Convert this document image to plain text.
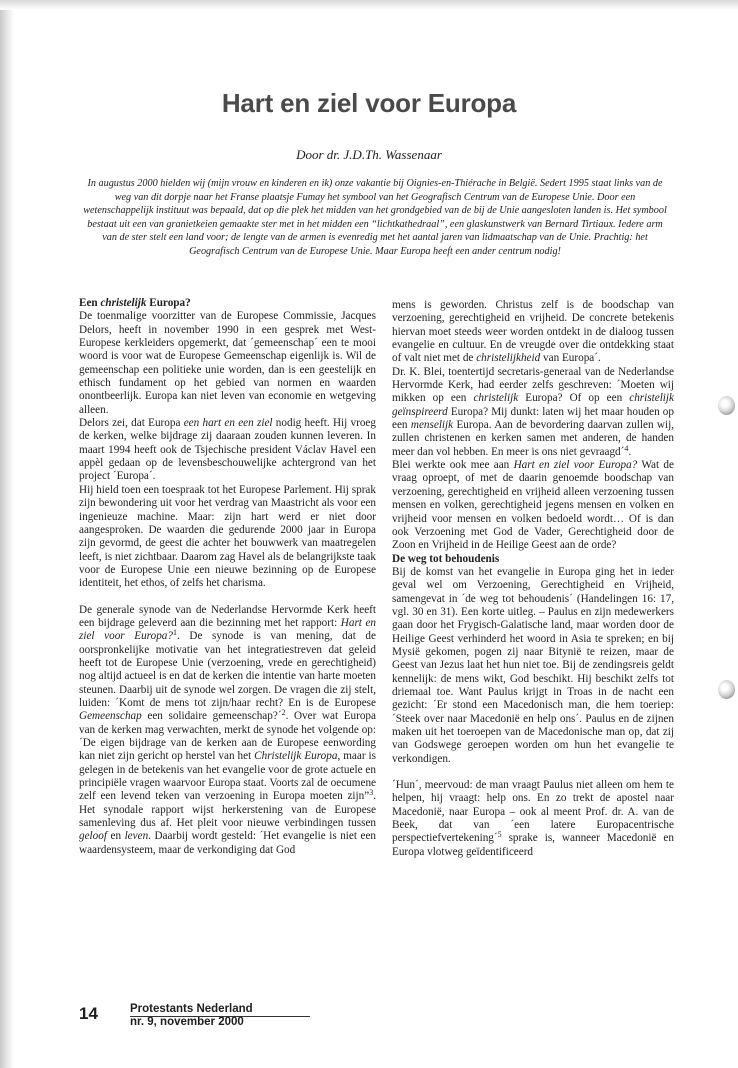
Hart en ziel voor Europa
Door dr. J.D.Th. Wassenaar
In augustus 2000 hielden wij (mijn vrouw en kinderen en ik) onze vakantie bij Oignies-en-Thiérache in België. Sedert 1995 staat links van de weg van dit dorpje naar het Franse plaatsje Fumay het symbool van het Geografisch Centrum van de Europese Unie. Door een wetenschappelijk instituut was bepaald, dat op die plek het midden van het grondgebied van de bij de Unie aangesloten landen is. Het symbool bestaat uit een van granietkeien gemaakte ster met in het midden een “lichtkathedraal”, een glaskunstwerk van Bernard Tirtiaux. Iedere arm van de ster stelt een land voor; de lengte van de armen is evenredig met het aantal jaren van lidmaatschap van de Unie. Prachtig: het Geografisch Centrum van de Europese Unie. Maar Europa heeft een ander centrum nodig!

Een christelijk Europa?

De toenmalige voorzitter van de Europese Commissie, Jacques Delors, heeft in november 1990 in een gesprek met West-Europese kerkleiders opgemerkt, dat ´gemeenschap´ een te mooi woord is voor wat de Europese Gemeenschap eigenlijk is. Wil de gemeenschap een politieke unie worden, dan is een geestelijk en ethisch fundament op het gebied van normen en waarden onontbeerlijk. Europa kan niet leven van economie en wetgeving alleen.

Delors zei, dat Europa een hart en een ziel nodig heeft. Hij vroeg de kerken, welke bijdrage zij daaraan zouden kunnen leveren. In maart 1994 heeft ook de Tsjechische president Václav Havel een appèl gedaan op de levensbeschouwelijke achtergrond van het project ´Europa´.

Hij hield toen een toespraak tot het Europese Parlement. Hij sprak zijn bewondering uit voor het verdrag van Maastricht als voor een ingenieuze machine. Maar: zijn hart werd er niet door aangesproken. De waarden die gedurende 2000 jaar in Europa zijn gevormd, de geest die achter het bouwwerk van maatregelen leeft, is niet zichtbaar. Daarom zag Havel als de belangrijkste taak voor de Europese Unie een nieuwe bezinning op de Europese identiteit, het ethos, of zelfs het charisma.

De generale synode van de Nederlandse Hervormde Kerk heeft een bijdrage geleverd aan die bezinning met het rapport: Hart en ziel voor Europa?$^1$. De synode is van mening, dat de oorspronkelijke motivatie van het integratiestreven dat geleid heeft tot de Europese Unie (verzoening, vrede en gerechtigheid) nog altijd actueel is en dat de kerken die intentie van harte moeten steunen. Daarbij uit de synode wel zorgen. De vragen die zij stelt, luiden: ´Komt de mens tot zijn/haar recht? En is de Europese Gemeenschap een solidaire gemeenschap?´$^2$. Over wat Europa van de kerken mag verwachten, merkt de synode het volgende op: ´De eigen bijdrage van de kerken aan de Europese eenwording kan niet zijn gericht op herstel van het Christelijk Europa, maar is gelegen in de betekenis van het evangelie voor de grote actuele en principiële vragen waarvoor Europa staat. Voorts zal de oecumene zelf een levend teken van verzoening in Europa moeten zijn”$^3$. Het synodale rapport wijst herkerstening van de Europese samenleving dus af. Het pleit voor nieuwe verbindingen tussen geloof en leven. Daarbij wordt gesteld: ´Het evangelie is niet een waardensysteem, maar de verkondiging dat God

mens is geworden. Christus zelf is de boodschap van verzoening, gerechtigheid en vrijheid. De concrete betekenis hiervan moet steeds weer worden ontdekt in de dialoog tussen evangelie en cultuur. En de vreugde over die ontdekking staat of valt niet met de christelijkheid van Europa´.

Dr. K. Blei, toentertijd secretaris-generaal van de Nederlandse Hervormde Kerk, had eerder zelfs geschreven: ´Moeten wij mikken op een christelijk Europa? Of op een christelijk geïnspireerd Europa? Mij dunkt: laten wij het maar houden op een menselijk Europa. Aan de bevordering daarvan zullen wij, zullen christenen en kerken samen met anderen, de handen meer dan vol hebben. En meer is ons niet gevraagd´$^4$.

Blei werkte ook mee aan Hart en ziel voor Europa? Wat de vraag oproept, of met de daarin genoemde boodschap van verzoening, gerechtigheid en vrijheid alleen verzoening tussen mensen en volken, gerechtigheid jegens mensen en volken en vrijheid voor mensen en volken bedoeld wordt… Of is dan ook Verzoening met God de Vader, Gerechtigheid door de Zoon en Vrijheid in de Heilige Geest aan de orde?

De weg tot behoudenis

Bij de komst van het evangelie in Europa ging het in ieder geval wel om Verzoening, Gerechtigheid en Vrijheid, samengevat in ´de weg tot behoudenis´ (Handelingen 16: 17, vgl. 30 en 31). Een korte uitleg. – Paulus en zijn medewerkers gaan door het Frygisch-Galatische land, maar worden door de Heilige Geest verhinderd het woord in Asia te spreken; en bij Mysië gekomen, pogen zij naar Bitynië te reizen, maar de Geest van Jezus laat het hun niet toe. Bij de zendingsreis geldt kennelijk: de mens wikt, God beschikt. Hij beschikt zelfs tot driemaal toe. Want Paulus krijgt in Troas in de nacht een gezicht: ´Er stond een Macedonisch man, die hem toeriep: ´Steek over naar Macedonië en help ons´. Paulus en de zijnen maken uit het toeroepen van de Macedonische man op, dat zij van Godswege geroepen worden om hun het evangelie te verkondigen.

´Hun´, meervoud: de man vraagt Paulus niet alleen om hem te helpen, hij vraagt: help ons. En zo trekt de apostel naar Macedonië, naar Europa – ook al meent Prof. dr. A. van de Beek, dat van ´een latere Europacentrische perspectiefvertekening´$^5$ sprake is, wanneer Macedonië en Europa vlotweg geïdentificeerd

14	Protestants Nederland
nr. 9, november 2000
